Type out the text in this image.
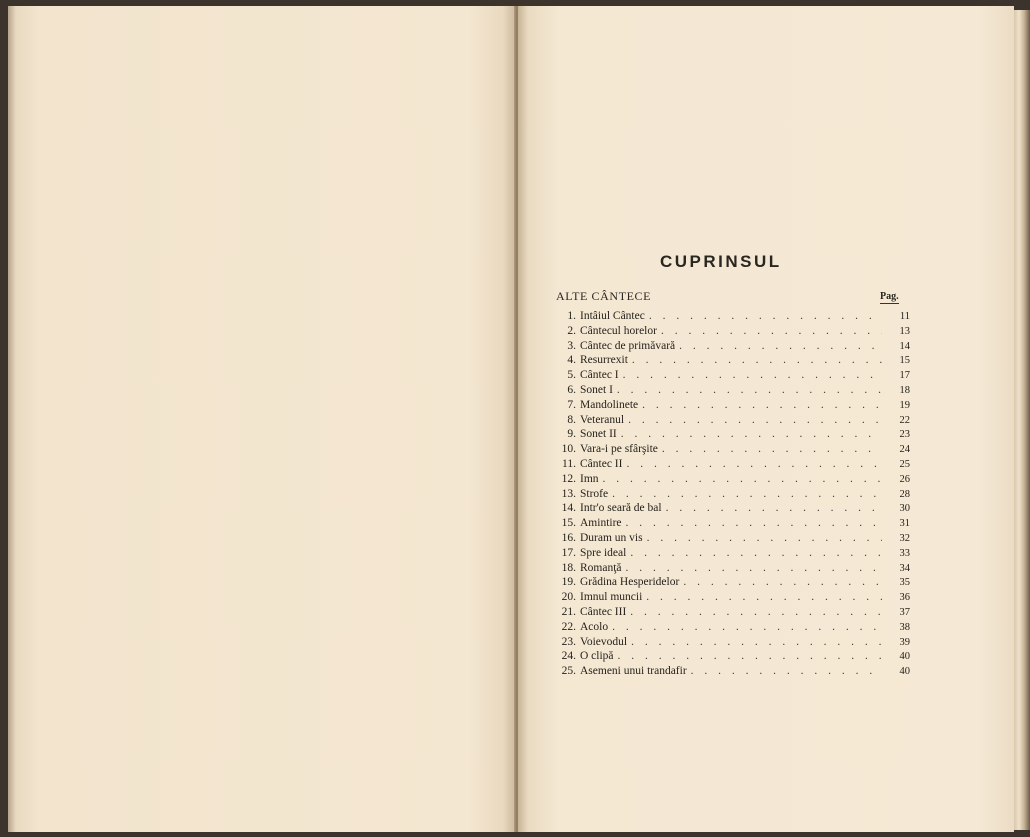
CUPRINSUL
ALTE CÂNTECE	Pag.
1. Intâiul Cântec . . .	11
2. Cântecul horelor . . .	13
3. Cântec de primăvară . . .	14
4. Resurrexit . . .	15
5. Cântec I . . .	17
6. Sonet I . . .	18
7. Mandolinete . . .	19
8. Veteranul . . .	22
9. Sonet II . . .	23
10. Vara-i pe sfârşite . . .	24
11. Cântec II . . .	25
12. Imn . . .	26
13. Strofe . . .	28
14. Intr'o seară de bal . . .	30
15. Amintire . . .	31
16. Duram un vis . . .	32
17. Spre ideal . . .	33
18. Romanţă . . .	34
19. Grădina Hesperidelor . . .	35
20. Imnul muncii . . .	36
21. Cântec III . . .	37
22. Acolo . . .	38
23. Voievodul . . .	39
24. O clipă . . .	40
25. Asemeni unui trandafir . . .	40
